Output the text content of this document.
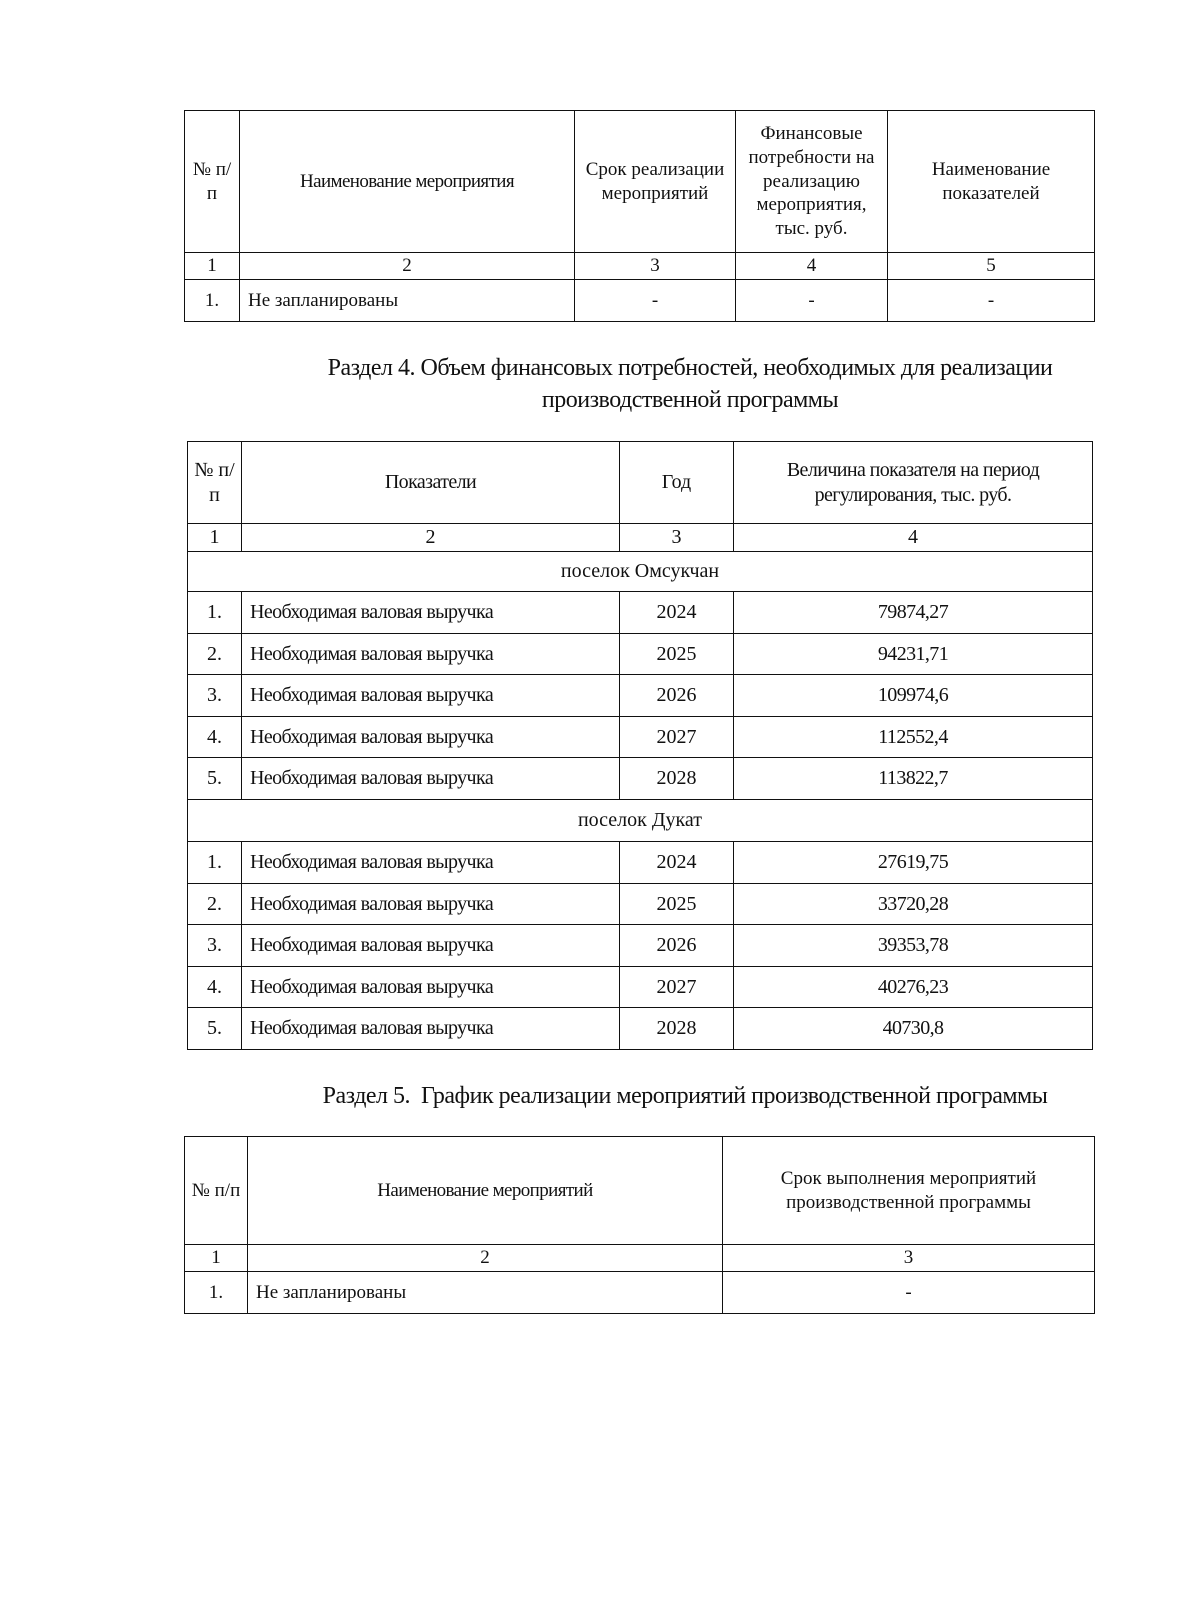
№ п/п	Наименование мероприятия	Срок реализации мероприятий	Финансовые потребности на реализацию мероприятия, тыс. руб.	Наименование показателей
1	2	3	4	5
1.	Не запланированы	-	-	-
Раздел 4. Объем финансовых потребностей, необходимых для реализации
производственной программы
№ п/п	Показатели	Год	Величина показателя на период регулирования, тыс. руб.
1	2	3	4
поселок Омсукчан			
1.	Необходимая валовая выручка	2024	79874,27
2.	Необходимая валовая выручка	2025	94231,71
3.	Необходимая валовая выручка	2026	109974,6
4.	Необходимая валовая выручка	2027	112552,4
5.	Необходимая валовая выручка	2028	113822,7
поселок Дукат			
1.	Необходимая валовая выручка	2024	27619,75
2.	Необходимая валовая выручка	2025	33720,28
3.	Необходимая валовая выручка	2026	39353,78
4.	Необходимая валовая выручка	2027	40276,23
5.	Необходимая валовая выручка	2028	40730,8
Раздел 5.  График реализации мероприятий производственной программы
№ п/п	Наименование мероприятий	Срок выполнения мероприятий производственной программы
1	2	3
1.	Не запланированы	-
